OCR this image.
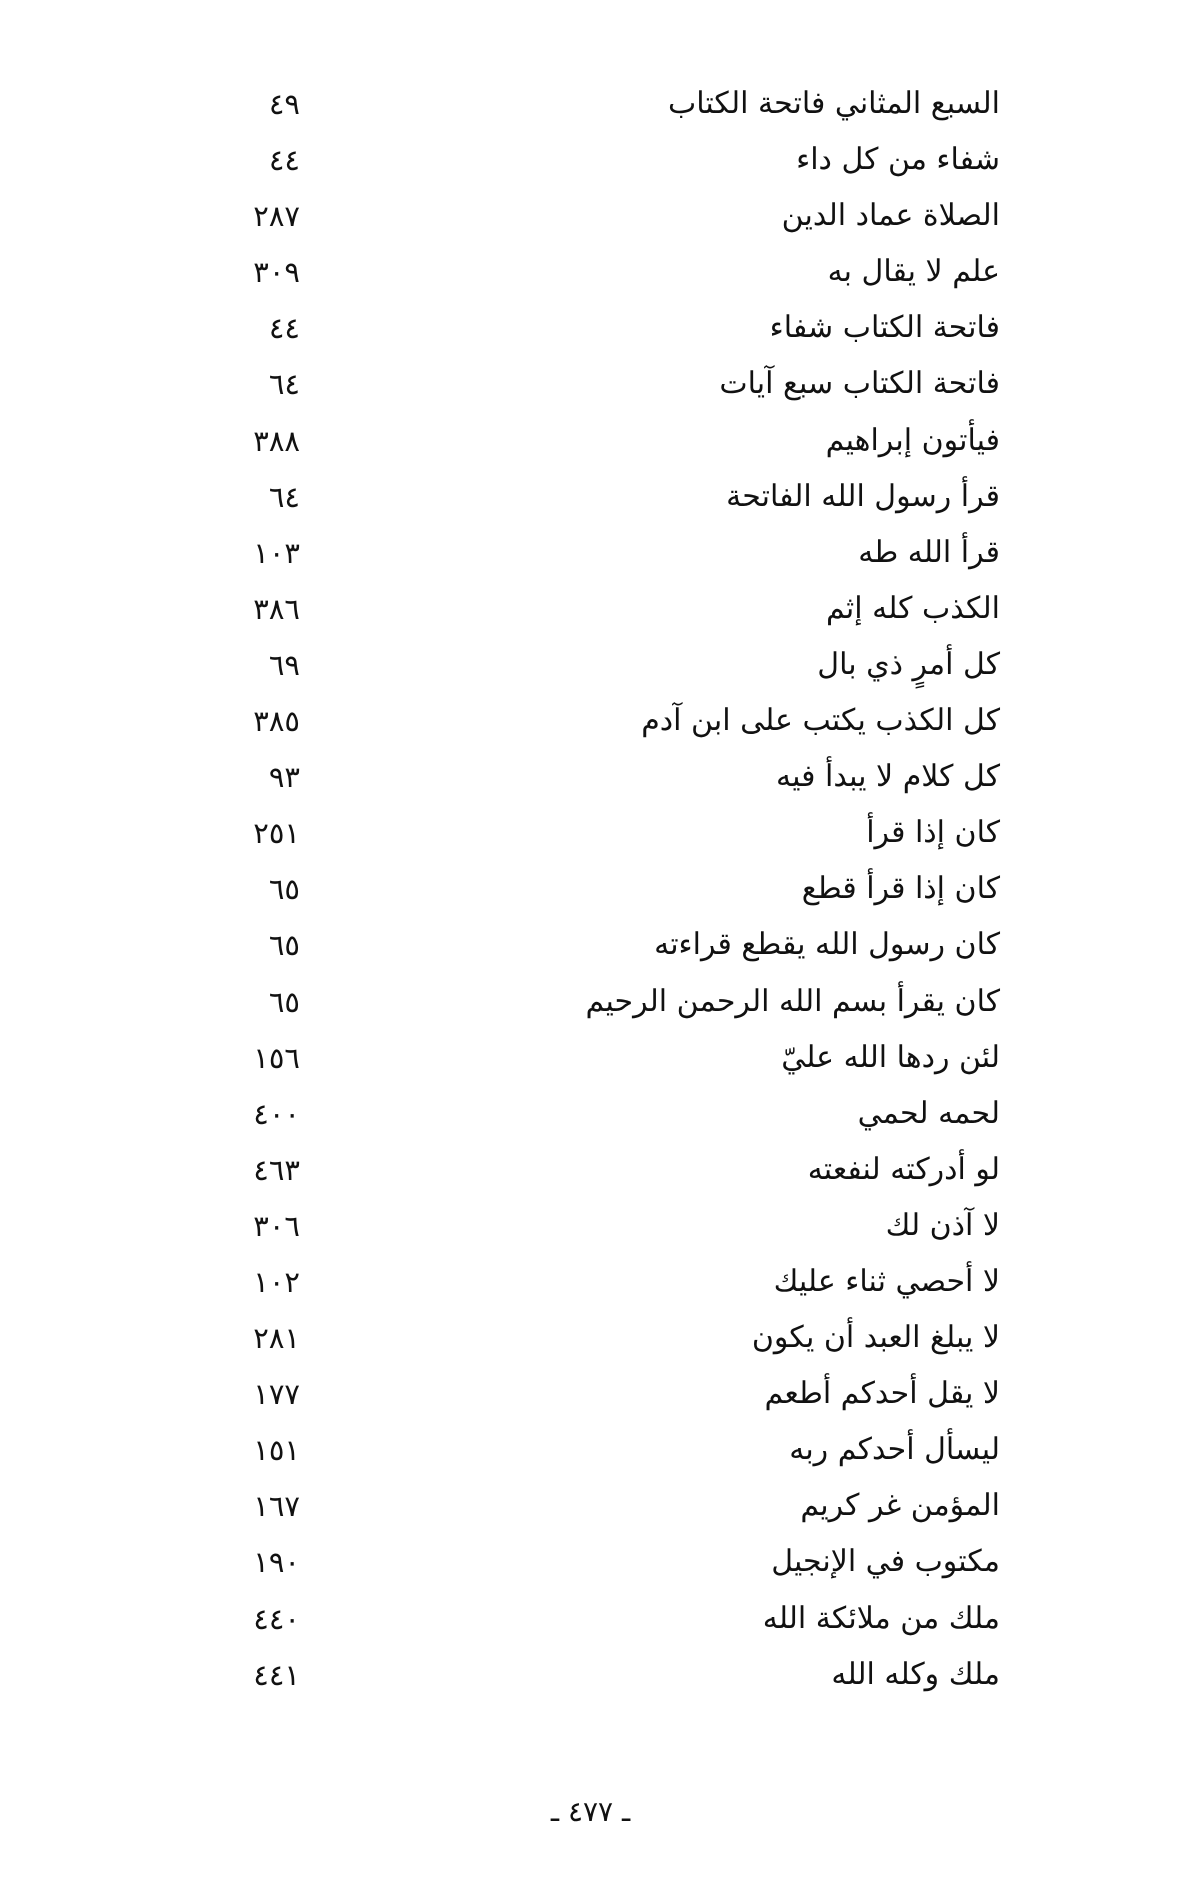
السبع المثاني فاتحة الكتاب
٤٩
شفاء من كل داء
٤٤
الصلاة عماد الدين
٢٨٧
علم لا يقال به
٣٠٩
فاتحة الكتاب شفاء
٤٤
فاتحة الكتاب سبع آيات
٦٤
فيأتون إبراهيم
٣٨٨
قرأ رسول الله الفاتحة
٦٤
قرأ الله طه
١٠٣
الكذب كله إثم
٣٨٦
كل أمرٍ ذي بال
٦٩
كل الكذب يكتب على ابن آدم
٣٨٥
كل كلام لا يبدأ فيه
٩٣
كان إذا قرأ
٢٥١
كان إذا قرأ قطع
٦٥
كان رسول الله يقطع قراءته
٦٥
كان يقرأ بسم الله الرحمن الرحيم
٦٥
لئن ردها الله عليّ
١٥٦
لحمه لحمي
٤٠٠
لو أدركته لنفعته
٤٦٣
لا آذن لك
٣٠٦
لا أحصي ثناء عليك
١٠٢
لا يبلغ العبد أن يكون
٢٨١
لا يقل أحدكم أطعم
١٧٧
ليسأل أحدكم ربه
١٥١
المؤمن غر كريم
١٦٧
مكتوب في الإنجيل
١٩٠
ملك من ملائكة الله
٤٤٠
ملك وكله الله
٤٤١
ـ ٤٧٧ ـ
